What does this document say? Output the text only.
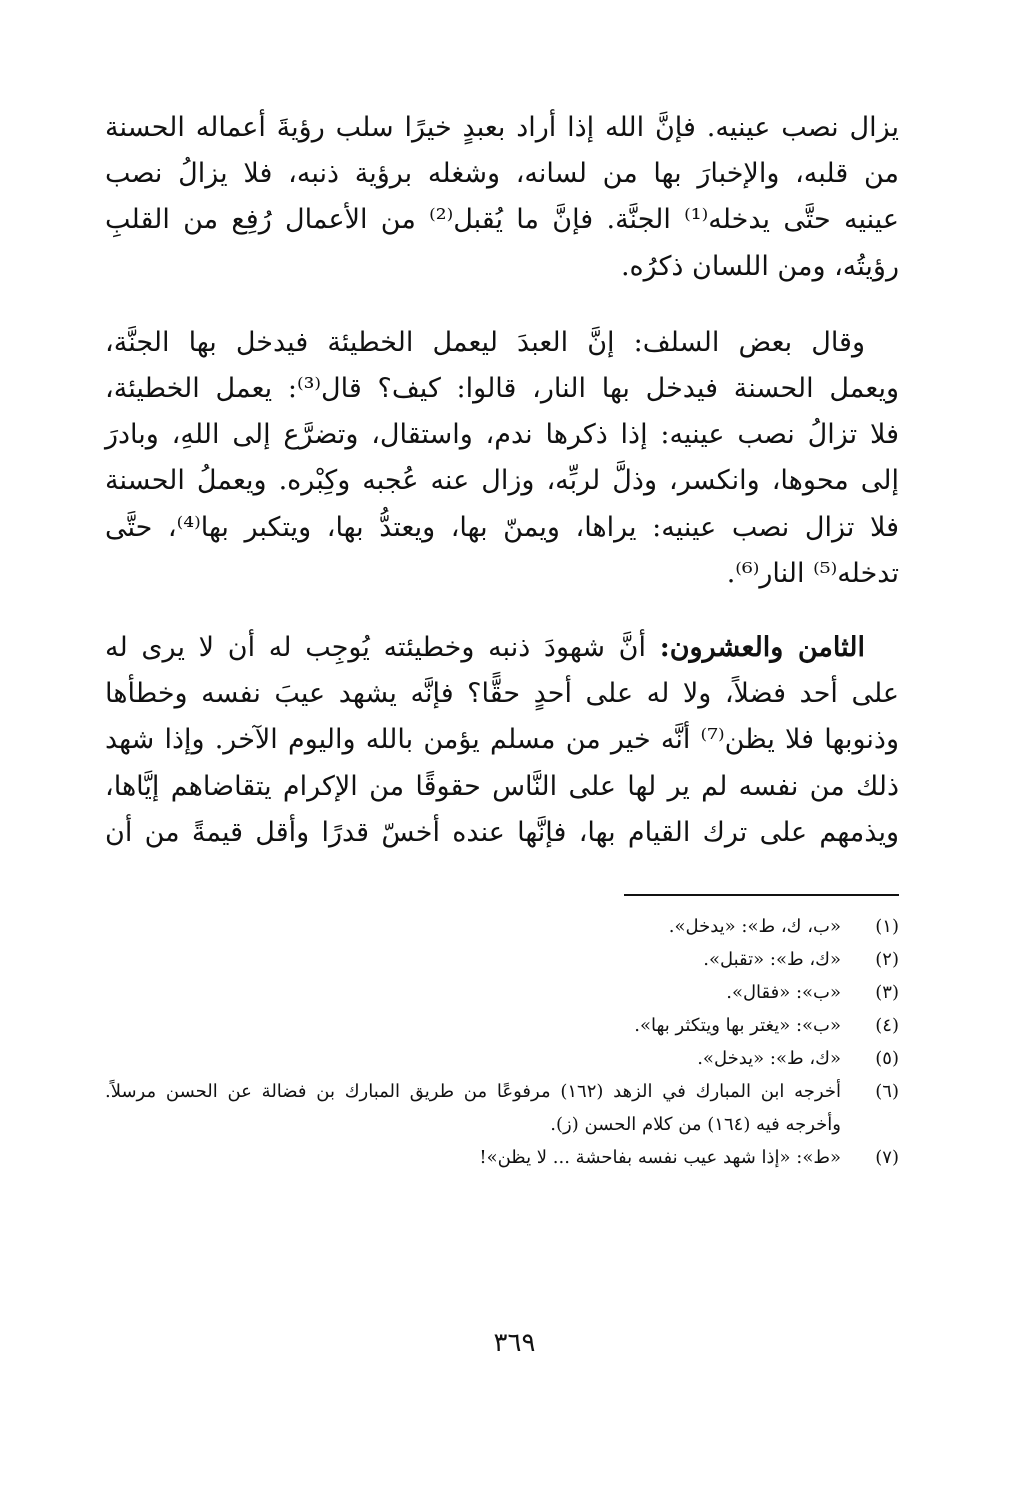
يزال نصب عينيه. فإنَّ الله إذا أراد بعبدٍ خيرًا سلب رؤيةَ أعماله الحسنة
من قلبه، والإخبارَ بها من لسانه، وشغله برؤية ذنبه، فلا يزالُ نصب
عينيه حتَّى يدخله⁽¹⁾ الجنَّة. فإنَّ ما يُقبل⁽²⁾ من الأعمال رُفِع من القلبِ
رؤيتُه، ومن اللسان ذكرُه.
وقال بعض السلف: إنَّ العبدَ ليعمل الخطيئة فيدخل بها الجنَّة،
ويعمل الحسنة فيدخل بها النار، قالوا: كيف؟ قال⁽³⁾: يعمل الخطيئة،
فلا تزالُ نصب عينيه: إذا ذكرها ندم، واستقال، وتضرَّع إلى اللهِ، وبادرَ
إلى محوها، وانكسر، وذلَّ لربِّه، وزال عنه عُجبه وكِبْره. ويعملُ الحسنة
فلا تزال نصب عينيه: يراها، ويمنّ بها، ويعتدُّ بها، ويتكبر بها⁽⁴⁾، حتَّى
تدخله⁽⁵⁾ النار⁽⁶⁾.
الثامن والعشرون: أنَّ شهودَ ذنبه وخطيئته يُوجِب له أن لا يرى له
على أحد فضلاً، ولا له على أحدٍ حقًّا؟ فإنَّه يشهد عيبَ نفسه وخطأها
وذنوبها فلا يظن⁽⁷⁾ أنَّه خير من مسلم يؤمن بالله واليوم الآخر. وإذا شهد
ذلك من نفسه لم ير لها على النَّاس حقوقًا من الإكرام يتقاضاهم إيَّاها،
ويذمهم على ترك القيام بها، فإنَّها عنده أخسّ قدرًا وأقل قيمةً من أن
(١)
«ب، ك، ط»: «يدخل».
(٢)
«ك، ط»: «تقبل».
(٣)
«ب»: «فقال».
(٤)
«ب»: «يغتر بها ويتكثر بها».
(٥)
«ك، ط»: «يدخل».
(٦)
أخرجه ابن المبارك في الزهد (١٦٢) مرفوعًا من طريق المبارك بن فضالة عن الحسن مرسلاً. وأخرجه فيه (١٦٤) من كلام الحسن (ز).
(٧)
«ط»: «إذا شهد عيب نفسه بفاحشة ... لا يظن»!
٣٦٩
